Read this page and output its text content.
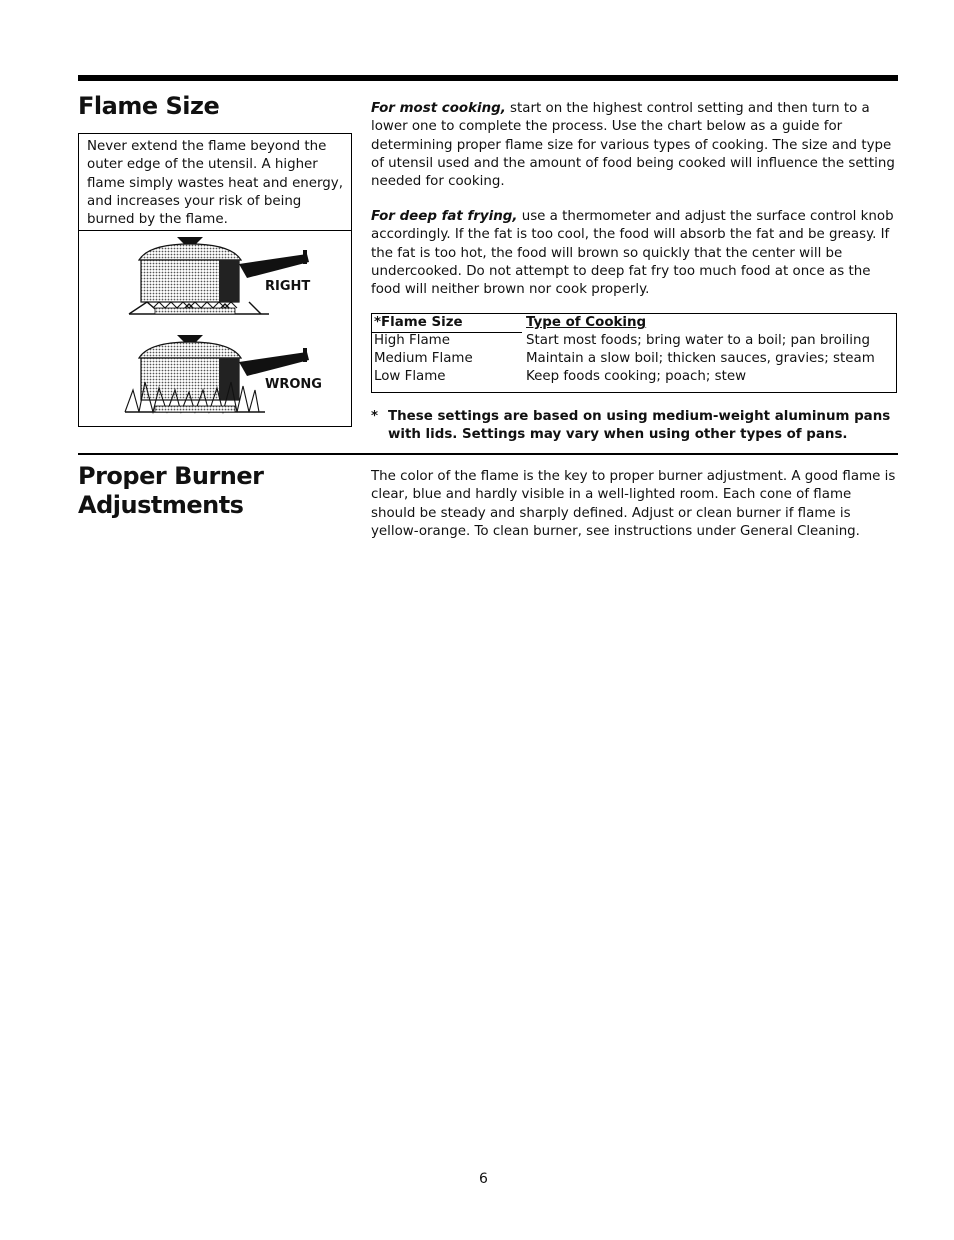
Flame Size
Never extend the flame beyond the outer edge of the utensil. A higher flame simply wastes heat and energy, and increases your risk of being burned by the flame.
RIGHT
WRONG
For most cooking, start on the highest control setting and then turn to a lower one to complete the process. Use the chart below as a guide for determining proper flame size for various types of cooking. The size and type of utensil used and the amount of food being cooked will influence the setting needed for cooking.
For deep fat frying, use a thermometer and adjust the surface control knob accordingly. If the fat is too cool, the food will absorb the fat and be greasy. If the fat is too hot, the food will brown so quickly that the center will be undercooked. Do not attempt to deep fat fry too much food at once as the food will neither brown nor cook properly.
*Flame Size	Type of Cooking
High Flame	Start most foods; bring water to a boil; pan broiling
Medium Flame	Maintain a slow boil; thicken sauces, gravies; steam
Low Flame	Keep foods cooking; poach; stew
* These settings are based on using medium-weight aluminum pans with lids. Settings may vary when using other types of pans.
Proper Burner Adjustments
The color of the flame is the key to proper burner adjustment. A good flame is clear, blue and hardly visible in a well-lighted room. Each cone of flame should be steady and sharply defined. Adjust or clean burner if flame is yellow-orange. To clean burner, see instructions under General Cleaning.
6
